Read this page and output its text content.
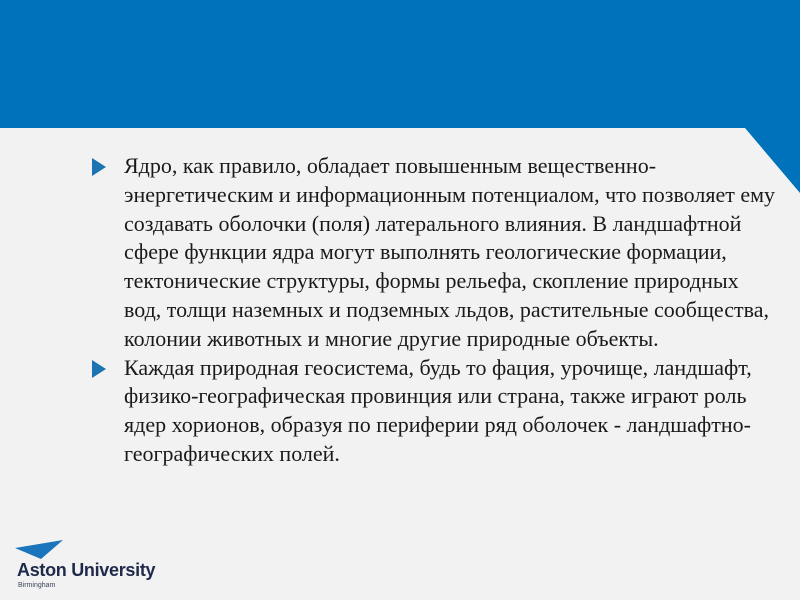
Ядро, как правило, обладает повышенным вещественно-энергетическим и информационным потенциалом, что позволяет ему создавать оболочки (поля) латерального влияния. В ландшафтной сфере функции ядра могут выполнять геологические формации, тектонические структуры, формы рельефа, скопление природных вод, толщи наземных и подземных льдов, растительные сообщества, колонии животных и многие другие природные объекты.

Каждая природная геосистема, будь то фация, урочище, ландшафт, физико-географическая провинция или страна, также играют роль ядер хорионов, образуя по периферии ряд оболочек - ландшафтно-географических полей.

Aston University
Birmingham
